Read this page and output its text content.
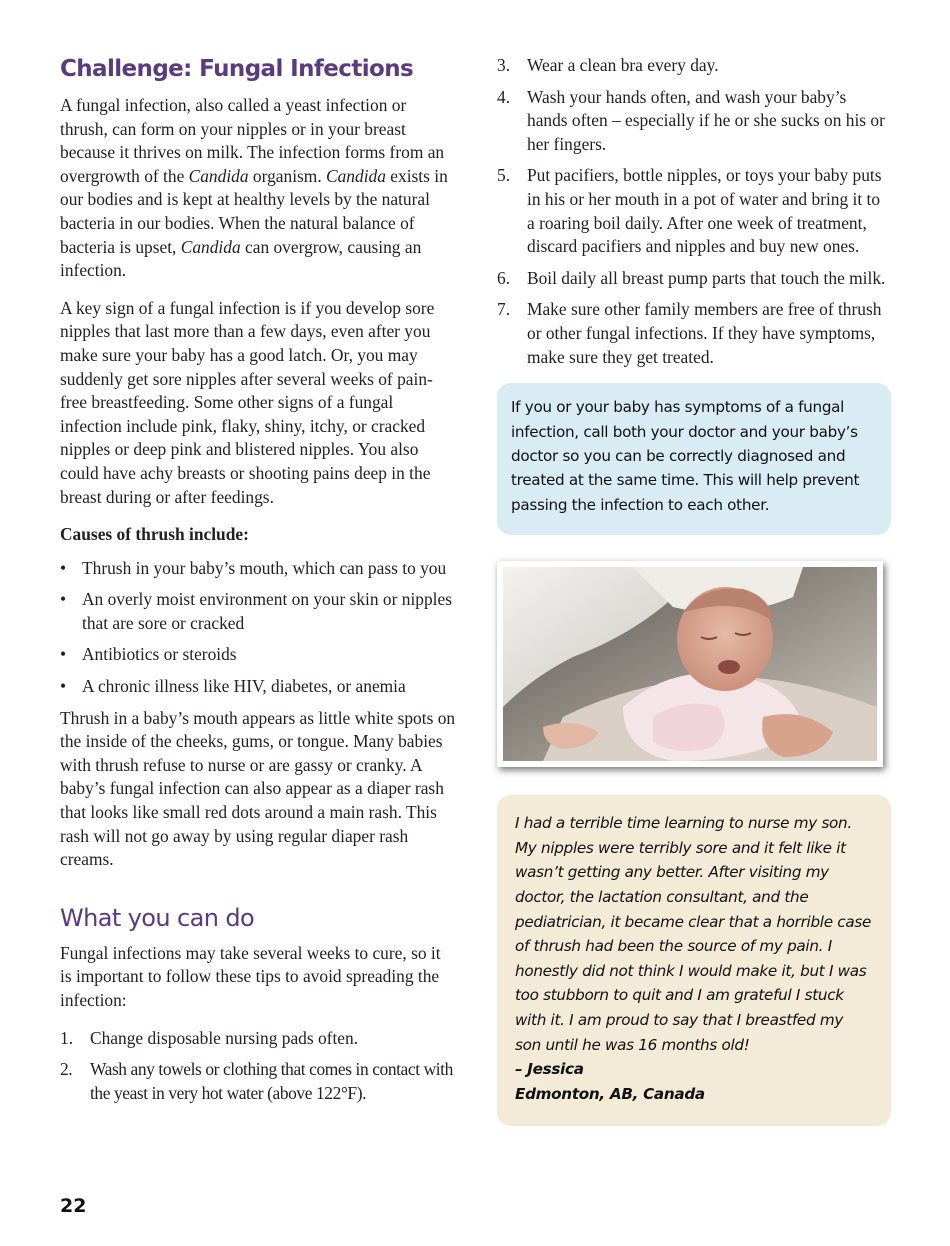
Challenge: Fungal Infections

A fungal infection, also called a yeast infection or thrush, can form on your nipples or in your breast because it thrives on milk. The infection forms from an overgrowth of the Candida organism. Candida exists in our bodies and is kept at healthy levels by the natural bacteria in our bodies. When the natural balance of bacteria is upset, Candida can overgrow, causing an infection.

A key sign of a fungal infection is if you develop sore nipples that last more than a few days, even after you make sure your baby has a good latch. Or, you may suddenly get sore nipples after several weeks of pain-free breastfeeding. Some other signs of a fungal infection include pink, flaky, shiny, itchy, or cracked nipples or deep pink and blistered nipples. You also could have achy breasts or shooting pains deep in the breast during or after feedings.

Causes of thrush include:
• Thrush in your baby’s mouth, which can pass to you
• An overly moist environment on your skin or nipples that are sore or cracked
• Antibiotics or steroids
• A chronic illness like HIV, diabetes, or anemia

Thrush in a baby’s mouth appears as little white spots on the inside of the cheeks, gums, or tongue. Many babies with thrush refuse to nurse or are gassy or cranky. A baby’s fungal infection can also appear as a diaper rash that looks like small red dots around a main rash. This rash will not go away by using regular diaper rash creams.

What you can do

Fungal infections may take several weeks to cure, so it is important to follow these tips to avoid spreading the infection:

1. Change disposable nursing pads often.
2. Wash any towels or clothing that comes in contact with the yeast in very hot water (above 122°F).
3. Wear a clean bra every day.
4. Wash your hands often, and wash your baby’s hands often – especially if he or she sucks on his or her fingers.
5. Put pacifiers, bottle nipples, or toys your baby puts in his or her mouth in a pot of water and bring it to a roaring boil daily. After one week of treatment, discard pacifiers and nipples and buy new ones.
6. Boil daily all breast pump parts that touch the milk.
7. Make sure other family members are free of thrush or other fungal infections. If they have symptoms, make sure they get treated.
If you or your baby has symptoms of a fungal infection, call both your doctor and your baby’s doctor so you can be correctly diagnosed and treated at the same time. This will help prevent passing the infection to each other.
I had a terrible time learning to nurse my son. My nipples were terribly sore and it felt like it wasn’t getting any better. After visiting my doctor, the lactation consultant, and the pediatrician, it became clear that a horrible case of thrush had been the source of my pain. I honestly did not think I would make it, but I was too stubborn to quit and I am grateful I stuck with it. I am proud to say that I breastfed my son until he was 16 months old!
– Jessica
Edmonton, AB, Canada
22
